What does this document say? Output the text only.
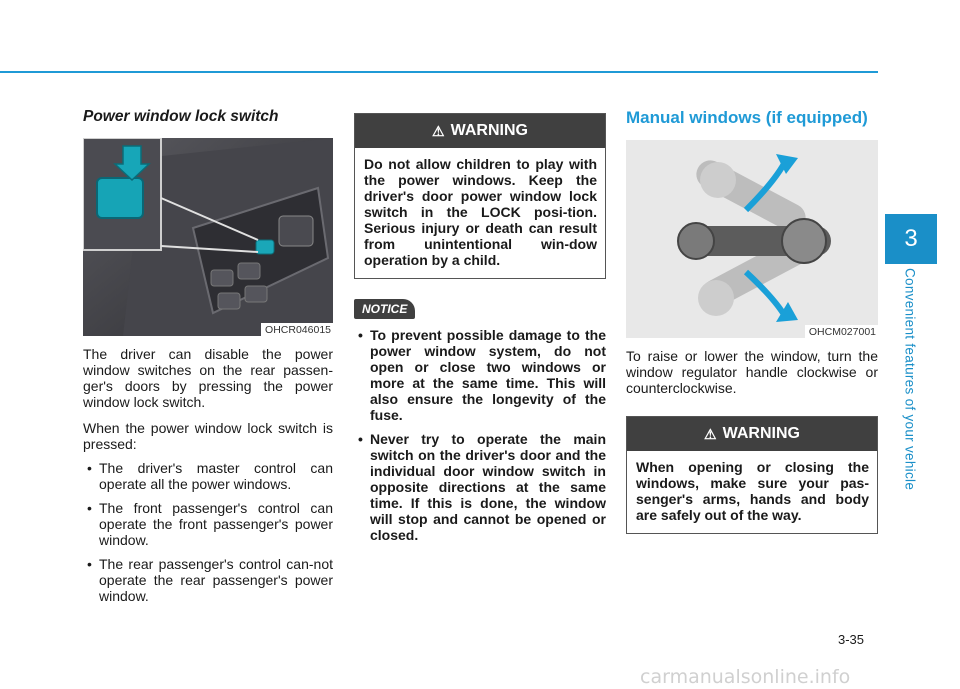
3
Convenient features of your vehicle
Power window lock switch
OHCR046015

The driver can disable the power window switches on the rear passen-ger's doors by pressing the power window lock switch.

When the power window lock switch is pressed:

• The driver's master control can operate all the power windows.
• The front passenger's control can operate the front passenger's power window.
• The rear passenger's control can-not operate the rear passenger's power window.
⚠ WARNING
Do not allow children to play with the power windows. Keep the driver's door power window lock switch in the LOCK posi-tion. Serious injury or death can result from unintentional win-dow operation by a child.
NOTICE
• To prevent possible damage to the power window system, do not open or close two windows or more at the same time. This will also ensure the longevity of the fuse.
• Never try to operate the main switch on the driver's door and the individual door window switch in opposite directions at the same time. If this is done, the window will stop and cannot be opened or closed.
Manual windows (if equipped)
OHCM027001

To raise or lower the window, turn the window regulator handle clockwise or counterclockwise.

⚠ WARNING
When opening or closing the windows, make sure your pas-senger's arms, hands and body are safely out of the way.
3-35
carmanualsonline.info
